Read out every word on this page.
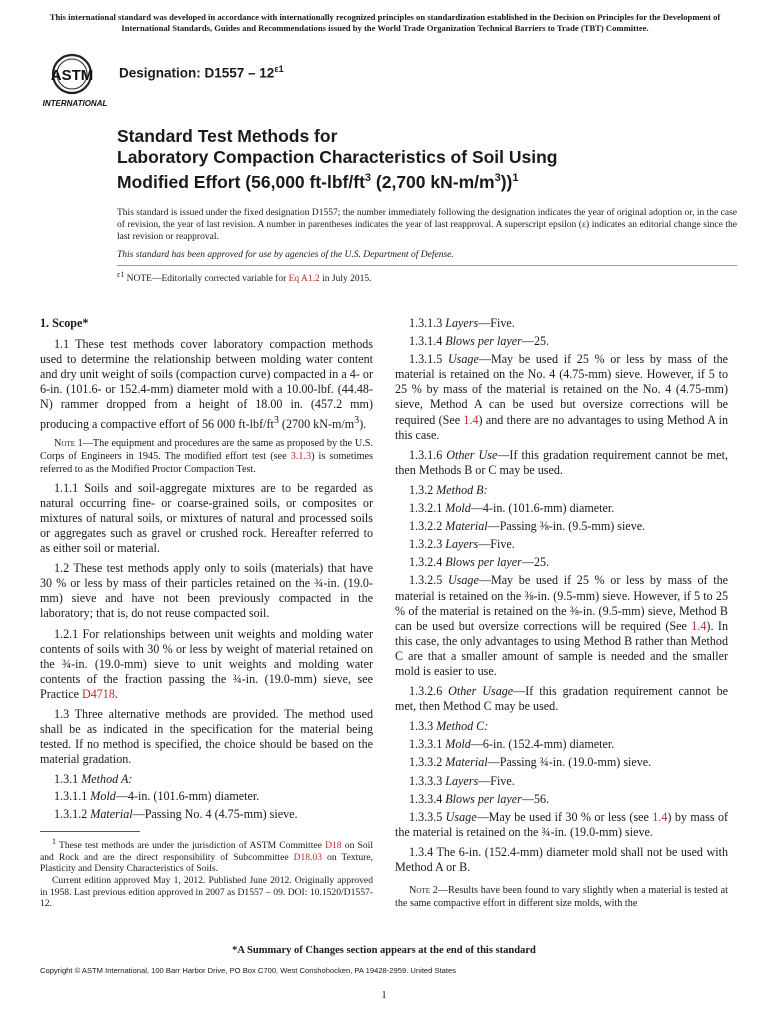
This international standard was developed in accordance with internationally recognized principles on standardization established in the Decision on Principles for the Development of International Standards, Guides and Recommendations issued by the World Trade Organization Technical Barriers to Trade (TBT) Committee.
ASTM
INTERNATIONAL
Designation: $D1557 - 12^{\varepsilon 1}$
Standard Test Methods for
Laboratory Compaction Characteristics of Soil Using
Modified Effort (56,000 $ft-lbf/ft^3$ (2,700 $kN-m/m^3))^1$
This standard is issued under the fixed designation D1557; the number immediately following the designation indicates the year of original adoption or, in the case of revision, the year of last revision. A number in parentheses indicates the year of last reapproval. A superscript epsilon (ε) indicates an editorial change since the last revision or reapproval.
This standard has been approved for use by agencies of the U.S. Department of Defense.
$^{\varepsilon 1}$ NOTE—Editorially corrected variable for Eq A1.2 in July 2015.

1. Scope*

1.1 These test methods cover laboratory compaction methods used to determine the relationship between molding water content and dry unit weight of soils (compaction curve) compacted in a 4- or 6-in. (101.6- or 152.4-mm) diameter mold with a 10.00-lbf. (44.48-N) rammer dropped from a height of 18.00 in. (457.2 mm) producing a compactive effort of 56 000 $ft-lbf/ft^3$ (2700 $kN-m/m^3$).

Note 1—The equipment and procedures are the same as proposed by the U.S. Corps of Engineers in 1945. The modified effort test (see 3.1.3) is sometimes referred to as the Modified Proctor Compaction Test.

1.1.1 Soils and soil-aggregate mixtures are to be regarded as natural occurring fine- or coarse-grained soils, or composites or mixtures of natural soils, or mixtures of natural and processed soils or aggregates such as gravel or crushed rock. Hereafter referred to as either soil or material.

1.2 These test methods apply only to soils (materials) that have 30 % or less by mass of their particles retained on the ¾-in. (19.0-mm) sieve and have not been previously compacted in the laboratory; that is, do not reuse compacted soil.

1.2.1 For relationships between unit weights and molding water contents of soils with 30 % or less by weight of material retained on the ¾-in. (19.0-mm) sieve to unit weights and molding water contents of the fraction passing the ¾-in. (19.0-mm) sieve, see Practice D4718.

1.3 Three alternative methods are provided. The method used shall be as indicated in the specification for the material being tested. If no method is specified, the choice should be based on the material gradation.

1.3.1 Method A:

1.3.1.1 Mold—4-in. (101.6-mm) diameter.

1.3.1.2 Material—Passing No. 4 (4.75-mm) sieve.

$^1$ These test methods are under the jurisdiction of ASTM Committee D18 on Soil and Rock and are the direct responsibility of Subcommittee D18.03 on Texture, Plasticity and Density Characteristics of Soils.

Current edition approved May 1, 2012. Published June 2012. Originally approved in 1958. Last previous edition approved in 2007 as D1557 – 09. DOI: 10.1520/D1557-12.

1.3.1.3 Layers—Five.

1.3.1.4 Blows per layer—25.

1.3.1.5 Usage—May be used if 25 % or less by mass of the material is retained on the No. 4 (4.75-mm) sieve. However, if 5 to 25 % by mass of the material is retained on the No. 4 (4.75-mm) sieve, Method A can be used but oversize corrections will be required (See 1.4) and there are no advantages to using Method A in this case.

1.3.1.6 Other Use—If this gradation requirement cannot be met, then Methods B or C may be used.

1.3.2 Method B:

1.3.2.1 Mold—4-in. (101.6-mm) diameter.

1.3.2.2 Material—Passing ⅜-in. (9.5-mm) sieve.

1.3.2.3 Layers—Five.

1.3.2.4 Blows per layer—25.

1.3.2.5 Usage—May be used if 25 % or less by mass of the material is retained on the ⅜-in. (9.5-mm) sieve. However, if 5 to 25 % of the material is retained on the ⅜-in. (9.5-mm) sieve, Method B can be used but oversize corrections will be required (See 1.4). In this case, the only advantages to using Method B rather than Method C are that a smaller amount of sample is needed and the smaller mold is easier to use.

1.3.2.6 Other Usage—If this gradation requirement cannot be met, then Method C may be used.

1.3.3 Method C:

1.3.3.1 Mold—6-in. (152.4-mm) diameter.

1.3.3.2 Material—Passing ¾-in. (19.0-mm) sieve.

1.3.3.3 Layers—Five.

1.3.3.4 Blows per layer—56.

1.3.3.5 Usage—May be used if 30 % or less (see 1.4) by mass of the material is retained on the ¾-in. (19.0-mm) sieve.

1.3.4 The 6-in. (152.4-mm) diameter mold shall not be used with Method A or B.

Note 2—Results have been found to vary slightly when a material is tested at the same compactive effort in different size molds, with the

*A Summary of Changes section appears at the end of this standard
Copyright © ASTM International, 100 Barr Harbor Drive, PO Box C700, West Conshohocken, PA 19428-2959. United States
1
